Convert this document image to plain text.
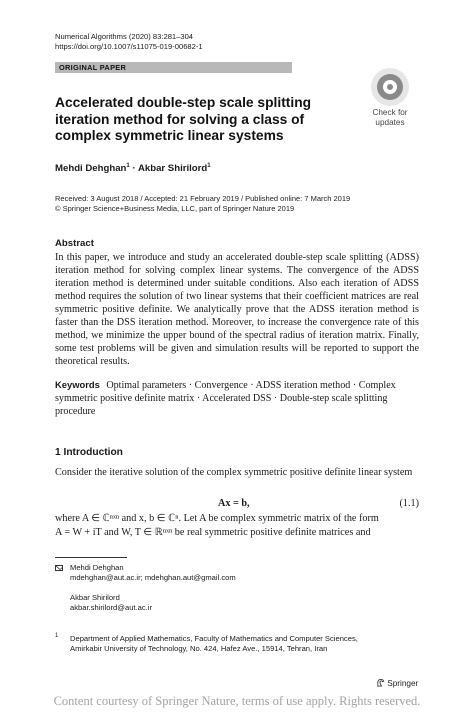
Numerical Algorithms (2020) 83:281–304
https://doi.org/10.1007/s11075-019-00682-1
ORIGINAL PAPER
Check for
updates
Accelerated double-step scale splitting iteration method for solving a class of complex symmetric linear systems
Mehdi Dehghan$^1$ · Akbar Shirilord$^1$
Received: 3 August 2018 / Accepted: 21 February 2019 / Published online: 7 March 2019
© Springer Science+Business Media, LLC, part of Springer Nature 2019
Abstract
In this paper, we introduce and study an accelerated double-step scale splitting (ADSS) iteration method for solving complex linear systems. The convergence of the ADSS iteration method is determined under suitable conditions. Also each iteration of ADSS method requires the solution of two linear systems that their coefficient matrices are real symmetric positive definite. We analytically prove that the ADSS iteration method is faster than the DSS iteration method. Moreover, to increase the convergence rate of this method, we minimize the upper bound of the spectral radius of iteration matrix. Finally, some test problems will be given and simulation results will be reported to support the theoretical results.
Keywords Optimal parameters · Convergence · ADSS iteration method · Complex symmetric positive definite matrix · Accelerated DSS · Double-step scale splitting procedure
1 Introduction
Consider the iterative solution of the complex symmetric positive definite linear system
Ax = b,	(1.1)
where A ∈ ℂⁿˣⁿ and x, b ∈ ℂⁿ. Let A be complex symmetric matrix of the form
A = W + iT and W, T ∈ ℝⁿˣⁿ be real symmetric positive definite matrices and
Mehdi Dehghan
mdehghan@aut.ac.ir; mdehghan.aut@gmail.com
Akbar Shirilord
akbar.shirilord@aut.ac.ir
1 Department of Applied Mathematics, Faculty of Mathematics and Computer Sciences,
Amirkabir University of Technology, No. 424, Hafez Ave., 15914, Tehran, Iran
Springer
Content courtesy of Springer Nature, terms of use apply. Rights reserved.
